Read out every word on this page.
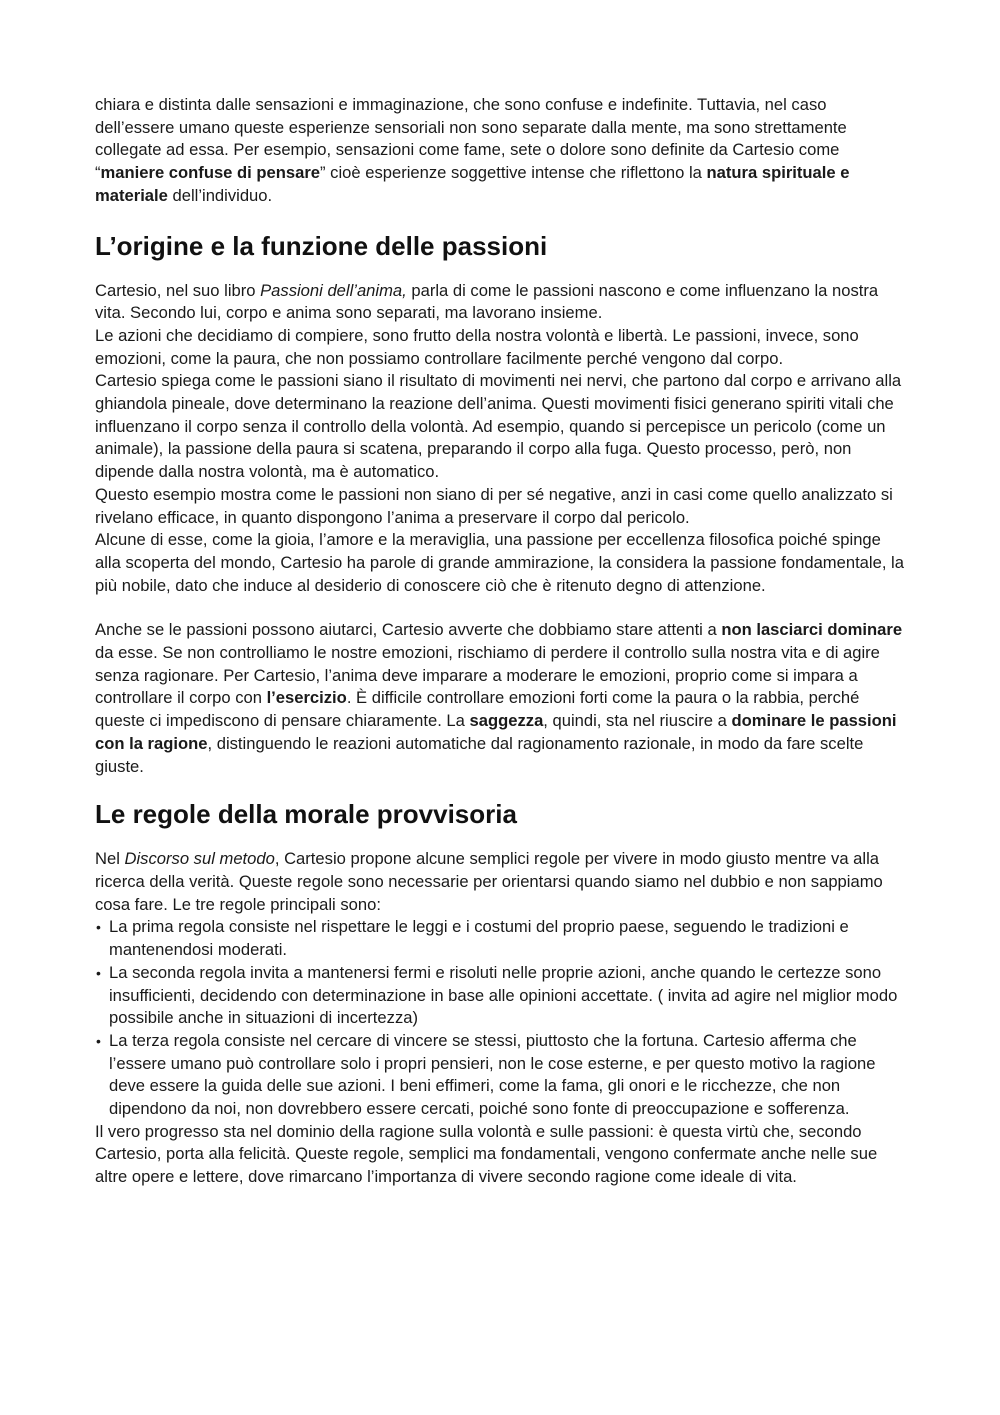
chiara e distinta dalle sensazioni e immaginazione, che sono confuse e indefinite. Tuttavia, nel caso dell’essere umano queste esperienze sensoriali non sono separate dalla mente, ma sono strettamente collegate ad essa. Per esempio, sensazioni come fame, sete o dolore sono definite da Cartesio come “maniere confuse di pensare” cioè esperienze soggettive intense che riflettono la natura spirituale e materiale dell’individuo.

L’origine e la funzione delle passioni

Cartesio, nel suo libro Passioni dell’anima, parla di come le passioni nascono e come influenzano la nostra vita. Secondo lui, corpo e anima sono separati, ma lavorano insieme.

Le azioni che decidiamo di compiere, sono frutto della nostra volontà e libertà. Le passioni, invece, sono emozioni, come la paura, che non possiamo controllare facilmente perché vengono dal corpo.

Cartesio spiega come le passioni siano il risultato di movimenti nei nervi, che partono dal corpo e arrivano alla ghiandola pineale, dove determinano la reazione dell’anima. Questi movimenti fisici generano spiriti vitali che influenzano il corpo senza il controllo della volontà. Ad esempio, quando si percepisce un pericolo (come un animale), la passione della paura si scatena, preparando il corpo alla fuga. Questo processo, però, non dipende dalla nostra volontà, ma è automatico.

Questo esempio mostra come le passioni non siano di per sé negative, anzi in casi come quello analizzato si rivelano efficace, in quanto dispongono l’anima a preservare il corpo dal pericolo.

Alcune di esse, come la gioia, l’amore e la meraviglia, una passione per eccellenza filosofica poiché spinge alla scoperta del mondo, Cartesio ha parole di grande ammirazione, la considera la passione fondamentale, la più nobile, dato che induce al desiderio di conoscere ciò che è ritenuto degno di attenzione.

Anche se le passioni possono aiutarci, Cartesio avverte che dobbiamo stare attenti a non lasciarci dominare da esse. Se non controlliamo le nostre emozioni, rischiamo di perdere il controllo sulla nostra vita e di agire senza ragionare. Per Cartesio, l’anima deve imparare a moderare le emozioni, proprio come si impara a controllare il corpo con l’esercizio. È difficile controllare emozioni forti come la paura o la rabbia, perché queste ci impediscono di pensare chiaramente. La saggezza, quindi, sta nel riuscire a dominare le passioni con la ragione, distinguendo le reazioni automatiche dal ragionamento razionale, in modo da fare scelte giuste.

Le regole della morale provvisoria

Nel Discorso sul metodo, Cartesio propone alcune semplici regole per vivere in modo giusto mentre va alla ricerca della verità. Queste regole sono necessarie per orientarsi quando siamo nel dubbio e non sappiamo cosa fare. Le tre regole principali sono:

• La prima regola consiste nel rispettare le leggi e i costumi del proprio paese, seguendo le tradizioni e mantenendosi moderati.
• La seconda regola invita a mantenersi fermi e risoluti nelle proprie azioni, anche quando le certezze sono insufficienti, decidendo con determinazione in base alle opinioni accettate. ( invita ad agire nel miglior modo possibile anche in situazioni di incertezza)
• La terza regola consiste nel cercare di vincere se stessi, piuttosto che la fortuna. Cartesio afferma che l’essere umano può controllare solo i propri pensieri, non le cose esterne, e per questo motivo la ragione deve essere la guida delle sue azioni. I beni effimeri, come la fama, gli onori e le ricchezze, che non dipendono da noi, non dovrebbero essere cercati, poiché sono fonte di preoccupazione e sofferenza.

Il vero progresso sta nel dominio della ragione sulla volontà e sulle passioni: è questa virtù che, secondo Cartesio, porta alla felicità. Queste regole, semplici ma fondamentali, vengono confermate anche nelle sue altre opere e lettere, dove rimarcano l’importanza di vivere secondo ragione come ideale di vita.
